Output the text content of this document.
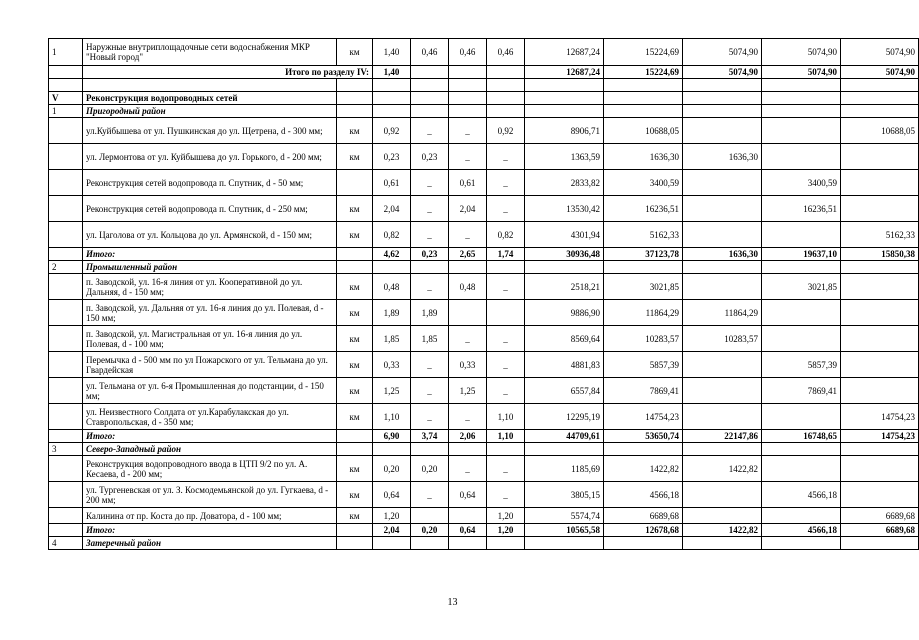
1	Наружные внутриплощадочные сети водоснабжения МКР "Новый город"	км	1,40	0,46	0,46	0,46	12687,24	15224,69	5074,90	5074,90	5074,90
	Итого по разделу IV:		1,40				12687,24	15224,69	5074,90	5074,90	5074,90

V	Реконструкция водопроводных сетей										
1	Пригородный район										
	ул.Куйбышева от ул. Пушкинская до ул. Щетрена, d - 300 мм;	км	0,92	_	_	0,92	8906,71	10688,05			10688,05
	ул. Лермонтова от ул. Куйбышева до ул. Горького, d - 200 мм;	км	0,23	0,23	_	_	1363,59	1636,30	1636,30		
	Реконструкция сетей водопровода п. Спутник, d - 50 мм;		0,61	_	0,61	_	2833,82	3400,59		3400,59	
	Реконструкция сетей водопровода п. Спутник, d - 250 мм;	км	2,04	_	2,04	_	13530,42	16236,51		16236,51	
	ул. Цаголова от ул. Кольцова до ул. Армянской, d - 150 мм;	км	0,82	_	_	0,82	4301,94	5162,33			5162,33
	Итого:		4,62	0,23	2,65	1,74	30936,48	37123,78	1636,30	19637,10	15850,38
2	Промышленный район										
	п. Заводской, ул. 16-я линия от ул. Кооперативной до ул. Дальняя, d - 150 мм;	км	0,48	_	0,48	_	2518,21	3021,85		3021,85	
	п. Заводской, ул. Дальняя от ул. 16-я линия до ул. Полевая, d - 150 мм;	км	1,89	1,89			9886,90	11864,29	11864,29		
	п. Заводской, ул. Магистральная от ул. 16-я линия до ул. Полевая, d - 100 мм;	км	1,85	1,85	_	_	8569,64	10283,57	10283,57		
	Перемычка d - 500 мм по ул Пожарского от ул. Тельмана до ул. Гвардейская	км	0,33	_	0,33	_	4881,83	5857,39		5857,39	
	ул. Тельмана от ул. 6-я Промышленная до подстанции, d - 150 мм;	км	1,25	_	1,25	_	6557,84	7869,41		7869,41	
	ул. Неизвестного Солдата от ул.Карабулакская до ул. Ставропольская, d - 350 мм;	км	1,10	_	_	1,10	12295,19	14754,23			14754,23
	Итого:		6,90	3,74	2,06	1,10	44709,61	53650,74	22147,86	16748,65	14754,23
3	Северо-Западный район										
	Реконструкция водопроводного ввода в ЦТП 9/2 по ул. А. Кесаева, d - 200 мм;	км	0,20	0,20	_	_	1185,69	1422,82	1422,82		
	ул. Тургеневская от ул. З. Космодемьянской до ул. Гугкаева, d - 200 мм;	км	0,64	_	0,64	_	3805,15	4566,18		4566,18	
	Калинина от пр. Коста до пр. Доватора, d - 100 мм;	км	1,20			1,20	5574,74	6689,68			6689,68
	Итого:		2,04	0,20	0,64	1,20	10565,58	12678,68	1422,82	4566,18	6689,68
4	Затеречный район										
13
